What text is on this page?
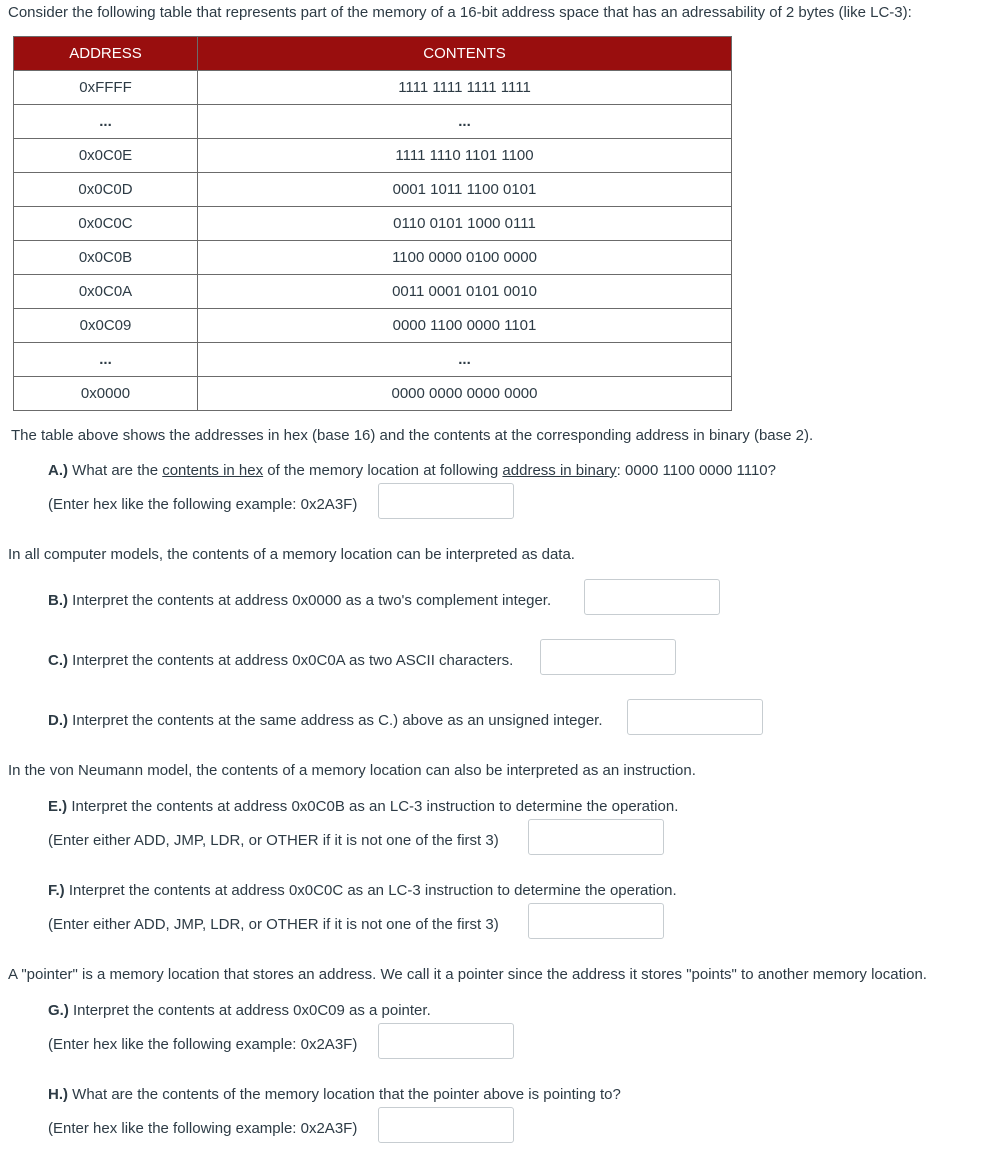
Consider the following table that represents part of the memory of a 16-bit address space that has an adressability of 2 bytes (like LC-3):
ADDRESS	CONTENTS
0xFFFF	1111 1111 1111 1111
...	...
0x0C0E	1111 1110 1101 1100
0x0C0D	0001 1011 1100 0101
0x0C0C	0110 0101 1000 0111
0x0C0B	1100 0000 0100 0000
0x0C0A	0011 0001 0101 0010
0x0C09	0000 1100 0000 1101
...	...
0x0000	0000 0000 0000 0000
The table above shows the addresses in hex (base 16) and the contents at the corresponding address in binary (base 2).
A.) What are the contents in hex of the memory location at following address in binary: 0000 1100 0000 1110?
(Enter hex like the following example: 0x2A3F)
In all computer models, the contents of a memory location can be interpreted as data.
B.) Interpret the contents at address 0x0000 as a two's complement integer.
C.) Interpret the contents at address 0x0C0A as two ASCII characters.
D.) Interpret the contents at the same address as C.) above as an unsigned integer.
In the von Neumann model, the contents of a memory location can also be interpreted as an instruction.
E.) Interpret the contents at address 0x0C0B as an LC-3 instruction to determine the operation.
(Enter either ADD, JMP, LDR, or OTHER if it is not one of the first 3)
F.) Interpret the contents at address 0x0C0C as an LC-3 instruction to determine the operation.
(Enter either ADD, JMP, LDR, or OTHER if it is not one of the first 3)
A "pointer" is a memory location that stores an address. We call it a pointer since the address it stores "points" to another memory location.
G.) Interpret the contents at address 0x0C09 as a pointer.
(Enter hex like the following example: 0x2A3F)
H.) What are the contents of the memory location that the pointer above is pointing to?
(Enter hex like the following example: 0x2A3F)
